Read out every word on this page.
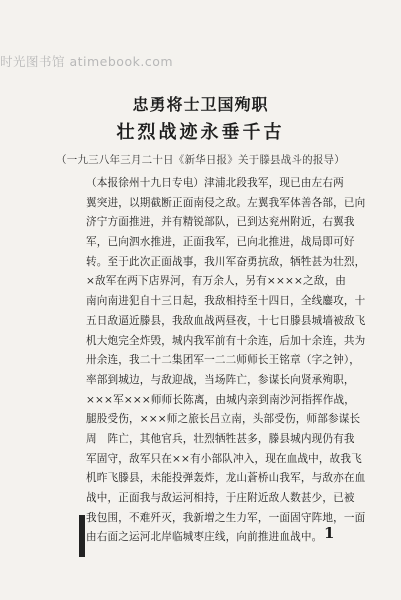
时光图书馆 atimebook.com
忠勇将士卫国殉职
壮烈战迹永垂千古
（一九三八年三月二十日《新华日报》关于滕县战斗的报导）
（本报徐州十九日专电）津浦北段我军，现已由左右两
翼突进，以期截断正面南侵之敌。左翼我军体善各部，已向
济宁方面推进，并有精锐部队，已到达兖州附近，右翼我
军，已向泗水推进，正面我军，已向北推进，战局即可好
转。至于此次正面战事，我川军奋勇抗敌，牺牲甚为壮烈，
×敌军在两下店界河，有万余人，另有××××之敌，由
南向南进犯自十三日起，我敌相持至十四日，全线鏖攻，十
五日敌逼近滕县，我敌血战两昼夜，十七日滕县城墙被敌飞
机大炮完全炸毁，城内我军前有十余连，后加十余连，共为
卅余连，我二十二集团军一二二师师长王铭章（字之钟），
率部到城边，与敌迎战，当场阵亡，参谋长向贤承殉职，
×××军×××师师长陈离，由城内亲到南沙河指挥作战，
腿股受伤，×××师之旅长吕立南，头部受伤，师部参谋长
周　阵亡，其他官兵，壮烈牺牲甚多，滕县城内现仍有我
军固守，敌军只在××有小部队冲入，现在血战中，故我飞
机昨飞滕县，未能投弹轰炸，龙山蒼桥山我军，与敌亦在血
战中，正面我与敌运河相持，于庄附近敌人数甚少，已被
我包围，不难歼灭，我新增之生力军，一面固守阵地，一面
由右面之运河北岸临城枣庄线，向前推进血战中。 1
